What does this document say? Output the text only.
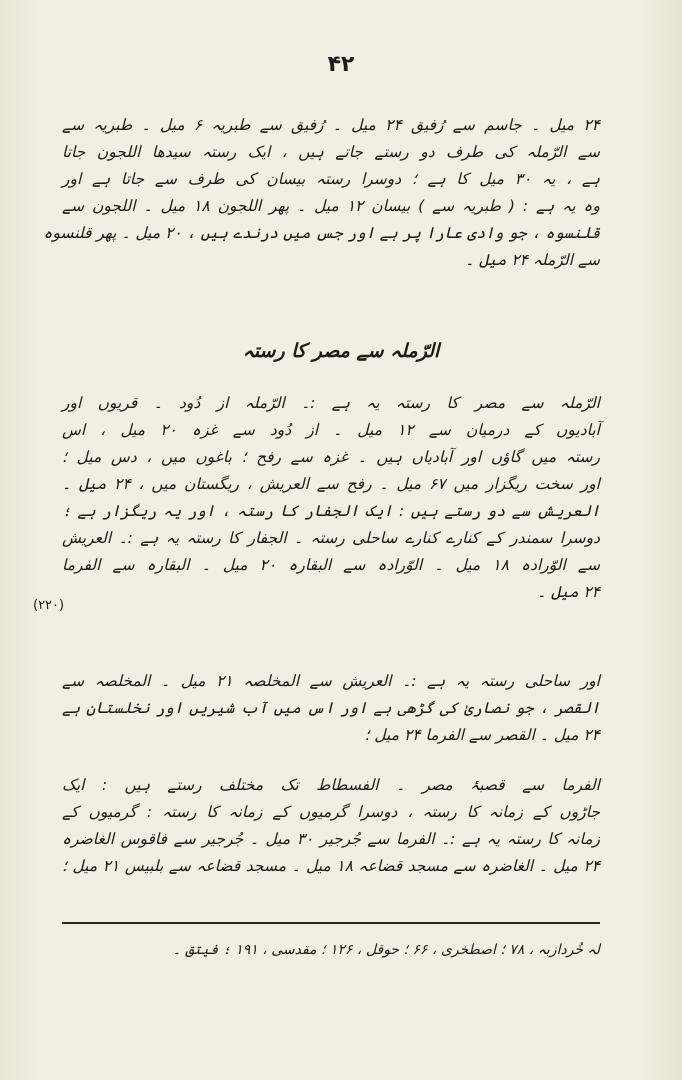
۴۲
۲۴ میل ۔ جاسم سے رُفیق ۲۴ میل ۔ رُفیق سے طبریہ ۶ میل ۔ طبریہ سے
سے الرّملہ کی طرف دو رستے جاتے ہیں ، ایک رستہ سیدھا اللجون جاتا
ہے ، یہ ۳۰ میل کا ہے ؛ دوسرا رستہ بیسان کی طرف سے جاتا ہے اور
وہ یہ ہے : ( طبریہ سے ) بیسان ۱۲ میل ۔ پھر اللجون ۱۸ میل ۔ اللجون سے
قلنسوہ ، جو وادی عارا پر ہے اور جس میں درندے ہیں ، ۲۰ میل ۔ پھر قلنسوہ
سے الرّملہ ۲۴ میل ۔
الرّملہ سے مصر کا رستہ
الرّملہ سے مصر کا رستہ یہ ہے :۔ الرّملہ از دُود ۔ قریوں اور
آبادیوں کے درمیان سے ۱۲ میل ۔ از دُود سے غزہ ۲۰ میل ، اس
رستہ میں گاؤں اور آبادیاں ہیں ۔ غزہ سے رفح ؛ باغوں میں ، دس میل ؛
اور سخت ریگزار میں ۶۷ میل ۔ رفح سے العریش ، ریگستان میں ، ۲۴ میل ۔
العریش سے دو رستے ہیں : ایک الجفار کا رستہ ، اور یہ ریگزار ہے ؛
دوسرا سمندر کے کنارے کنارے ساحلی رستہ ۔ الجفار کا رستہ یہ ہے :۔ العریش
سے الوّرادہ ۱۸ میل ۔ الوّرادہ سے البقارہ ۲۰ میل ۔ البقارہ سے الفرما
۲۴ میل ۔
(۲۲۰)
اور ساحلی رستہ یہ ہے :۔ العریش سے المخلصہ ۲۱ میل ۔ المخلصہ سے
القصر ، جو نصاریٰ کی گڑھی ہے اور اس میں آب شیریں اور نخلستان ہے
۲۴ میل ۔ القصر سے الفرما ۲۴ میل ؛
الفرما سے قصبۂ مصر ۔ الفسطاط تک مختلف رستے ہیں : ایک
جاڑوں کے زمانہ کا رستہ ، دوسرا گرمیوں کے زمانہ کا رستہ : گرمیوں کے
زمانہ کا رستہ یہ ہے :۔ الفرما سے جُرجیر ۳۰ میل ۔ جُرجیر سے فاقوس الغاضرہ
۲۴ میل ۔ الغاضرہ سے مسجد قضاعہ ۱۸ میل ۔ مسجد قضاعہ سے بلبیس ۲۱ میل ؛
لہ خُردازبہ ، ۷۸ ؛ اصطخری ، ۶۶ ؛ حوقل ، ۱۲۶ ؛ مقدسی ، ۱۹۱ ؛ فیتق ۔
